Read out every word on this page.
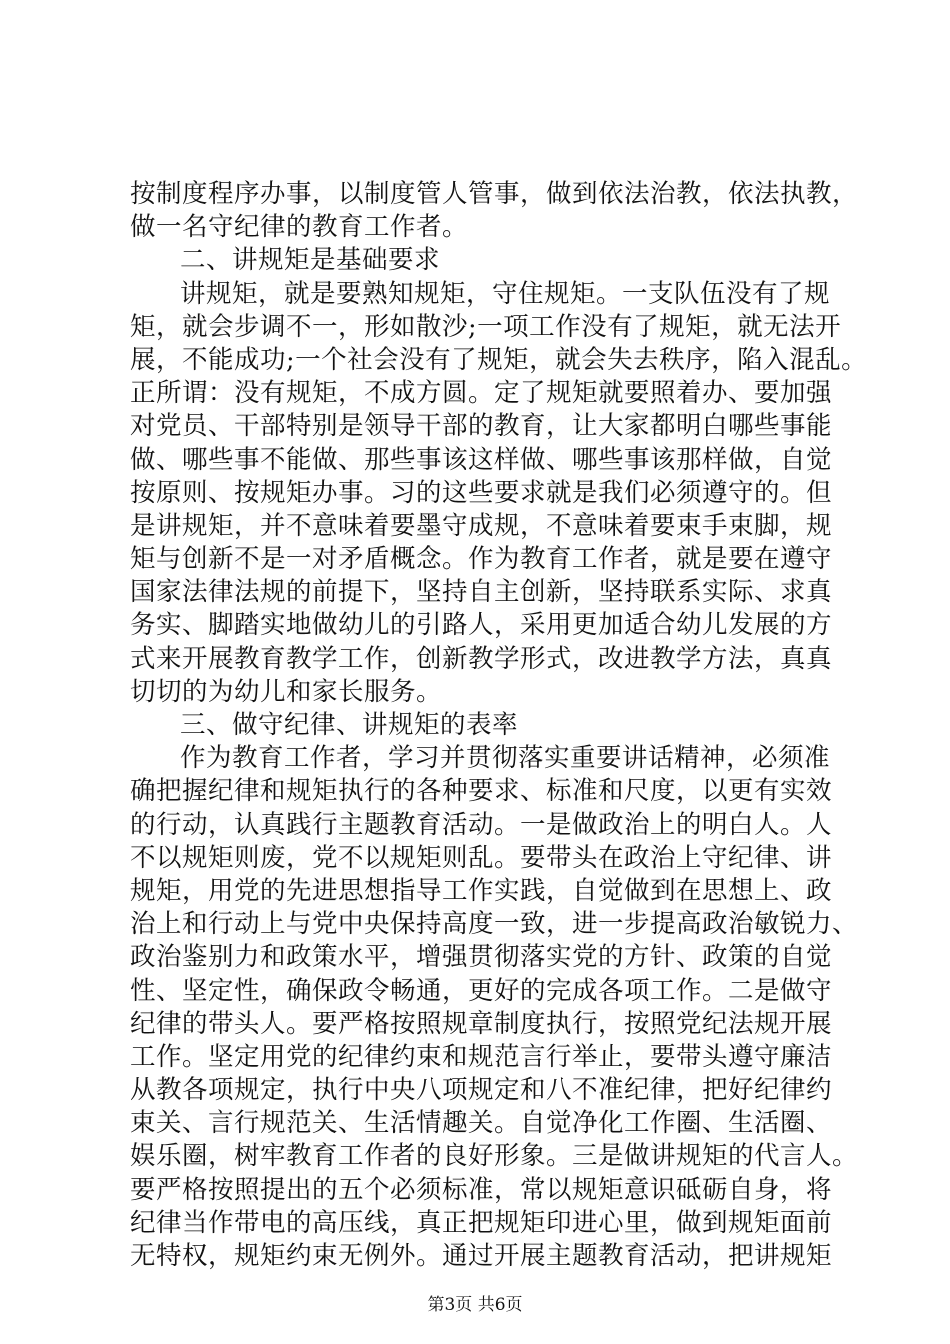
按制度程序办事，以制度管人管事，做到依法治教，依法执教，
做一名守纪律的教育工作者。
二、讲规矩是基础要求
讲规矩，就是要熟知规矩，守住规矩。一支队伍没有了规
矩，就会步调不一，形如散沙;一项工作没有了规矩，就无法开
展，不能成功;一个社会没有了规矩，就会失去秩序，陷入混乱。
正所谓：没有规矩，不成方圆。定了规矩就要照着办、要加强
对党员、干部特别是领导干部的教育，让大家都明白哪些事能
做、哪些事不能做、那些事该这样做、哪些事该那样做，自觉
按原则、按规矩办事。习的这些要求就是我们必须遵守的。但
是讲规矩，并不意味着要墨守成规，不意味着要束手束脚，规
矩与创新不是一对矛盾概念。作为教育工作者，就是要在遵守
国家法律法规的前提下，坚持自主创新，坚持联系实际、求真
务实、脚踏实地做幼儿的引路人，采用更加适合幼儿发展的方
式来开展教育教学工作，创新教学形式，改进教学方法，真真
切切的为幼儿和家长服务。
三、做守纪律、讲规矩的表率
作为教育工作者，学习并贯彻落实重要讲话精神，必须准
确把握纪律和规矩执行的各种要求、标准和尺度，以更有实效
的行动，认真践行主题教育活动。一是做政治上的明白人。人
不以规矩则废，党不以规矩则乱。要带头在政治上守纪律、讲
规矩，用党的先进思想指导工作实践，自觉做到在思想上、政
治上和行动上与党中央保持高度一致，进一步提高政治敏锐力、
政治鉴别力和政策水平，增强贯彻落实党的方针、政策的自觉
性、坚定性，确保政令畅通，更好的完成各项工作。二是做守
纪律的带头人。要严格按照规章制度执行，按照党纪法规开展
工作。坚定用党的纪律约束和规范言行举止，要带头遵守廉洁
从教各项规定，执行中央八项规定和八不准纪律，把好纪律约
束关、言行规范关、生活情趣关。自觉净化工作圈、生活圈、
娱乐圈，树牢教育工作者的良好形象。三是做讲规矩的代言人。
要严格按照提出的五个必须标准，常以规矩意识砥砺自身，将
纪律当作带电的高压线，真正把规矩印进心里，做到规矩面前
无特权，规矩约束无例外。通过开展主题教育活动，把讲规矩
第3页 共6页
